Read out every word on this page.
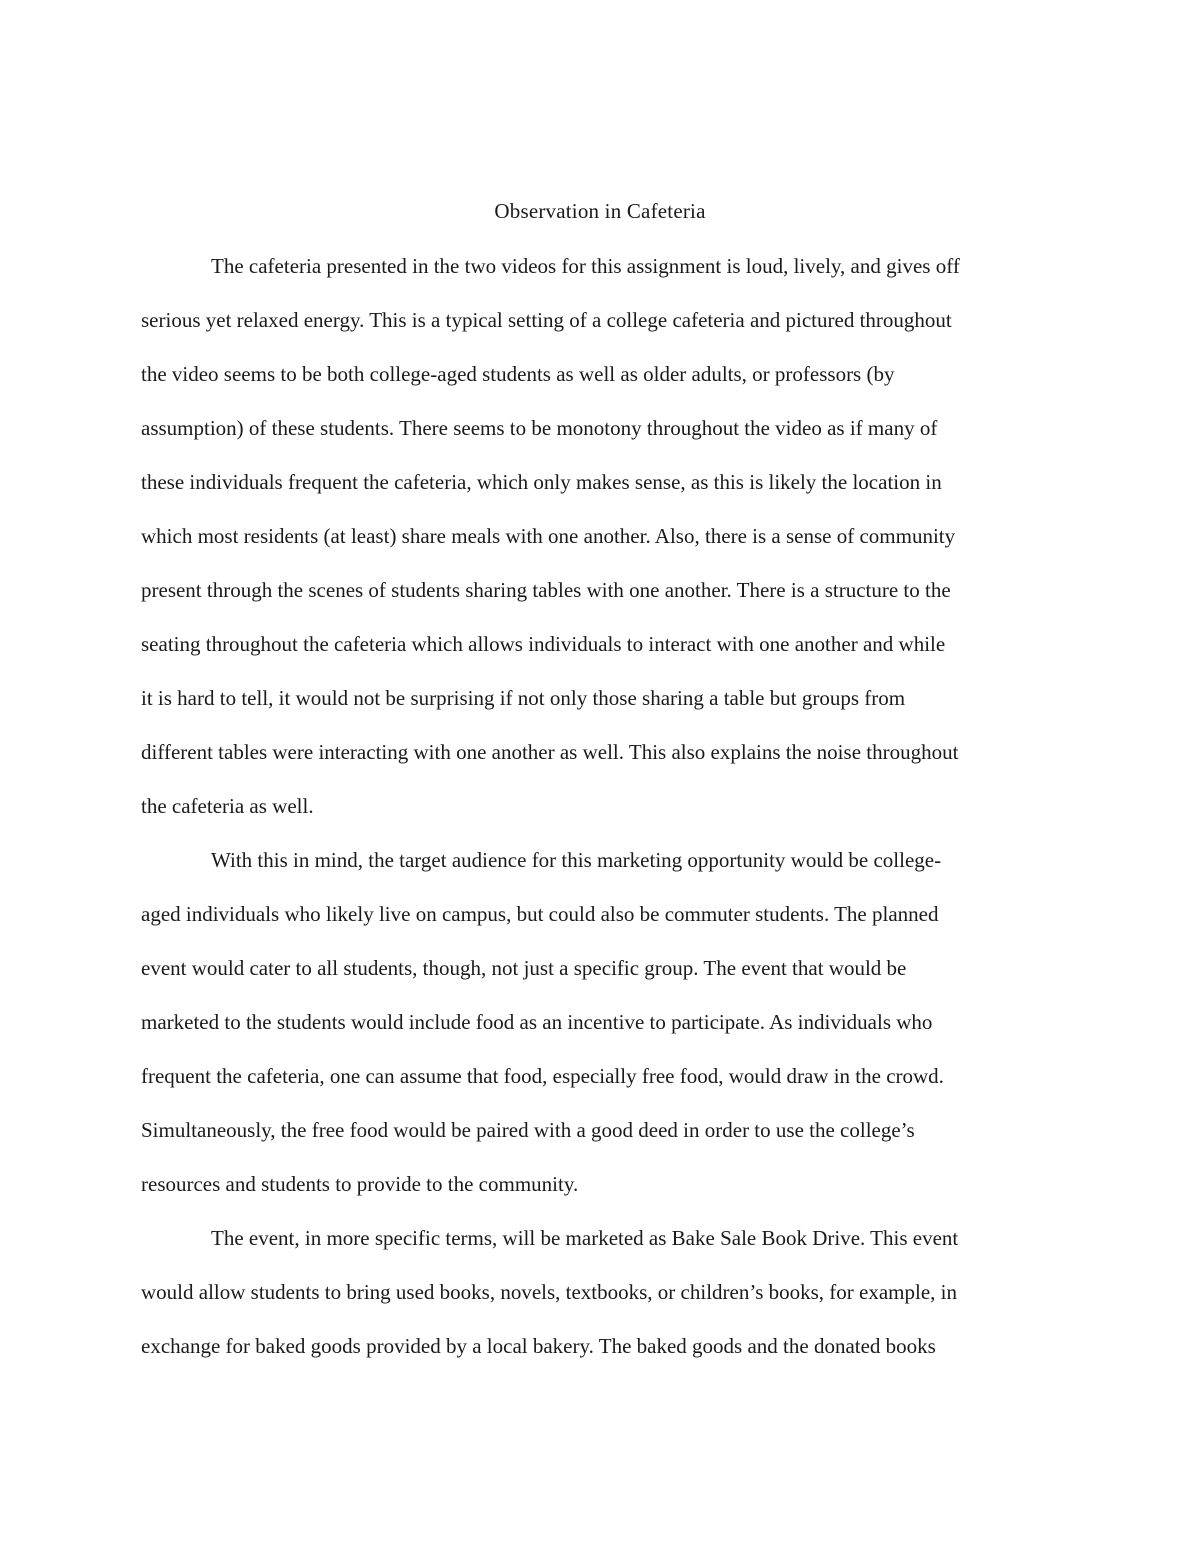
Observation in Cafeteria
The cafeteria presented in the two videos for this assignment is loud, lively, and gives off
serious yet relaxed energy. This is a typical setting of a college cafeteria and pictured throughout
the video seems to be both college-aged students as well as older adults, or professors (by
assumption) of these students. There seems to be monotony throughout the video as if many of
these individuals frequent the cafeteria, which only makes sense, as this is likely the location in
which most residents (at least) share meals with one another. Also, there is a sense of community
present through the scenes of students sharing tables with one another. There is a structure to the
seating throughout the cafeteria which allows individuals to interact with one another and while
it is hard to tell, it would not be surprising if not only those sharing a table but groups from
different tables were interacting with one another as well. This also explains the noise throughout
the cafeteria as well.
With this in mind, the target audience for this marketing opportunity would be college-
aged individuals who likely live on campus, but could also be commuter students. The planned
event would cater to all students, though, not just a specific group. The event that would be
marketed to the students would include food as an incentive to participate. As individuals who
frequent the cafeteria, one can assume that food, especially free food, would draw in the crowd.
Simultaneously, the free food would be paired with a good deed in order to use the college’s
resources and students to provide to the community.
The event, in more specific terms, will be marketed as Bake Sale Book Drive. This event
would allow students to bring used books, novels, textbooks, or children’s books, for example, in
exchange for baked goods provided by a local bakery. The baked goods and the donated books
